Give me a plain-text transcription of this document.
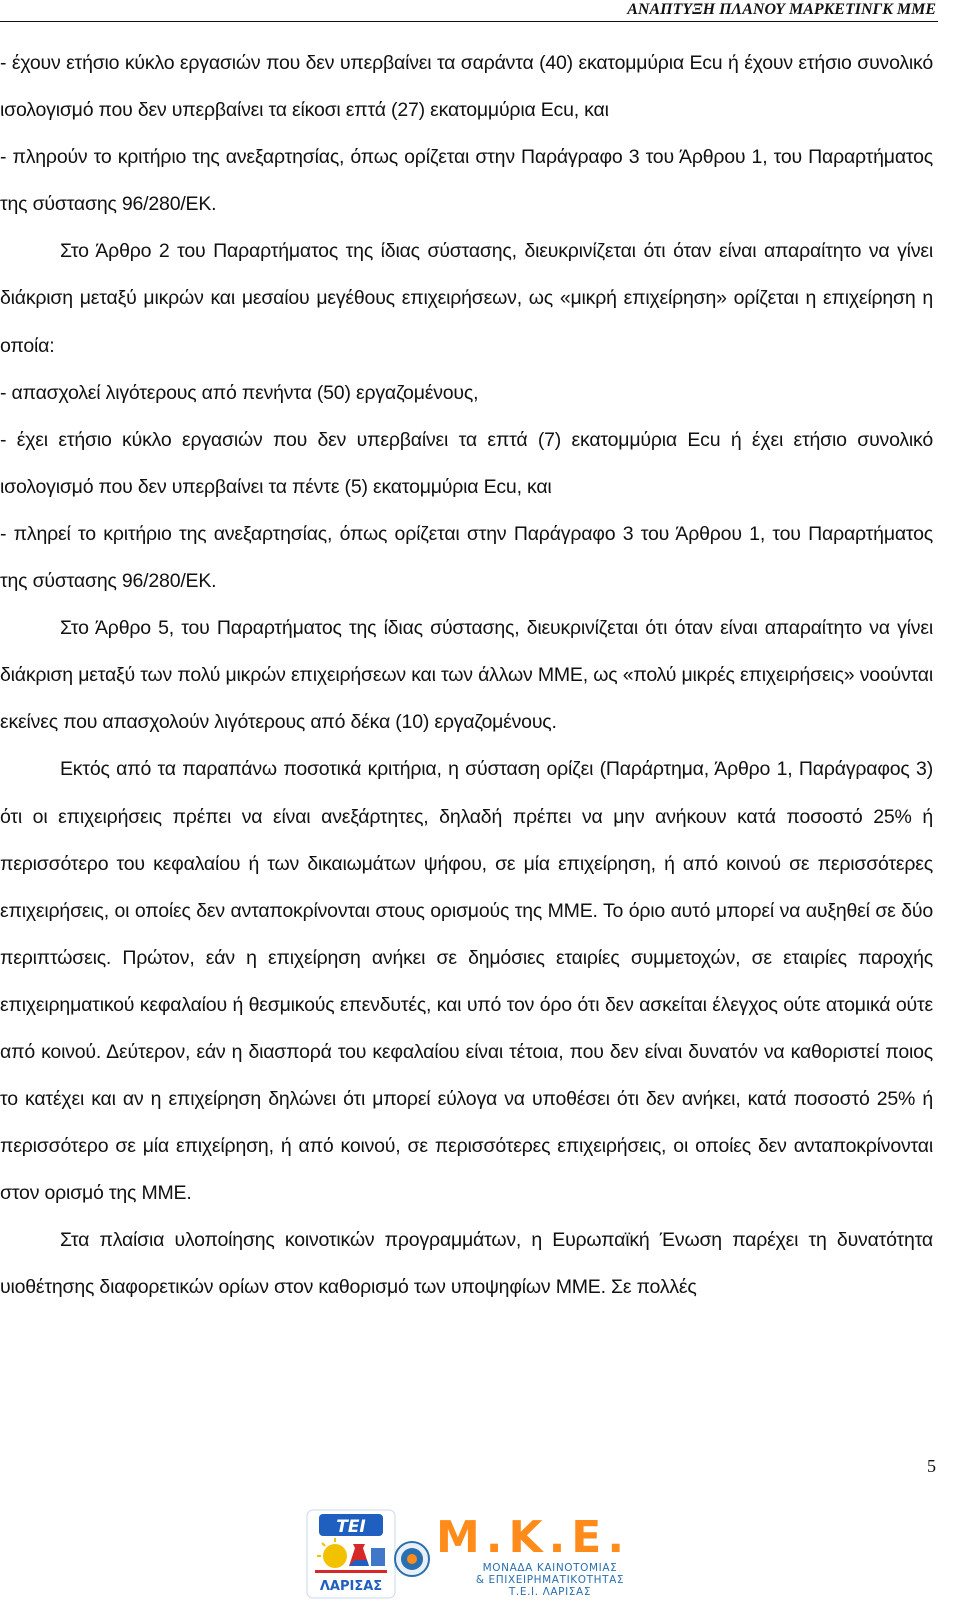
ΑΝΑΠΤΥΞΗ ΠΛΑΝΟΥ ΜΑΡΚΕΤΙΝΓΚ ΜΜΕ

- έχουν ετήσιο κύκλο εργασιών που δεν υπερβαίνει τα σαράντα (40) εκατομμύρια Ecu ή έχουν ετήσιο συνολικό ισολογισμό που δεν υπερβαίνει τα είκοσι επτά (27) εκατομμύρια Ecu, και

- πληρούν το κριτήριο της ανεξαρτησίας, όπως ορίζεται στην Παράγραφο 3 του Άρθρου 1, του Παραρτήματος της σύστασης 96/280/ΕΚ.

Στο Άρθρο 2 του Παραρτήματος της ίδιας σύστασης, διευκρινίζεται ότι όταν είναι απαραίτητο να γίνει διάκριση μεταξύ μικρών και μεσαίου μεγέθους επιχειρήσεων, ως «μικρή επιχείρηση» ορίζεται η επιχείρηση η οποία:

- απασχολεί λιγότερους από πενήντα (50) εργαζομένους,

- έχει ετήσιο κύκλο εργασιών που δεν υπερβαίνει τα επτά (7) εκατομμύρια Ecu ή έχει ετήσιο συνολικό ισολογισμό που δεν υπερβαίνει τα πέντε (5) εκατομμύρια Ecu, και

- πληρεί το κριτήριο της ανεξαρτησίας, όπως ορίζεται στην Παράγραφο 3 του Άρθρου 1, του Παραρτήματος της σύστασης 96/280/ΕΚ.

Στο Άρθρο 5, του Παραρτήματος της ίδιας σύστασης, διευκρινίζεται ότι όταν είναι απαραίτητο να γίνει διάκριση μεταξύ των πολύ μικρών επιχειρήσεων και των άλλων ΜΜΕ, ως «πολύ μικρές επιχειρήσεις» νοούνται εκείνες που απασχολούν λιγότερους από δέκα (10) εργαζομένους.

Εκτός από τα παραπάνω ποσοτικά κριτήρια, η σύσταση ορίζει (Παράρτημα, Άρθρο 1, Παράγραφος 3) ότι οι επιχειρήσεις πρέπει να είναι ανεξάρτητες, δηλαδή πρέπει να μην ανήκουν κατά ποσοστό 25% ή περισσότερο του κεφαλαίου ή των δικαιωμάτων ψήφου, σε μία επιχείρηση, ή από κοινού σε περισσότερες επιχειρήσεις, οι οποίες δεν ανταποκρίνονται στους ορισμούς της ΜΜΕ. Το όριο αυτό μπορεί να αυξηθεί σε δύο περιπτώσεις. Πρώτον, εάν η επιχείρηση ανήκει σε δημόσιες εταιρίες συμμετοχών, σε εταιρίες παροχής επιχειρηματικού κεφαλαίου ή θεσμικούς επενδυτές, και υπό τον όρο ότι δεν ασκείται έλεγχος ούτε ατομικά ούτε από κοινού. Δεύτερον, εάν η διασπορά του κεφαλαίου είναι τέτοια, που δεν είναι δυνατόν να καθοριστεί ποιος το κατέχει και αν η επιχείρηση δηλώνει ότι μπορεί εύλογα να υποθέσει ότι δεν ανήκει, κατά ποσοστό 25% ή περισσότερο σε μία επιχείρηση, ή από κοινού, σε περισσότερες επιχειρήσεις, οι οποίες δεν ανταποκρίνονται στον ορισμό της ΜΜΕ.

Στα πλαίσια υλοποίησης κοινοτικών προγραμμάτων, η Ευρωπαϊκή Ένωση παρέχει τη δυνατότητα υιοθέτησης διαφορετικών ορίων στον καθορισμό των υποψηφίων ΜΜΕ. Σε πολλές

5
ΤΕΙ
ΛΑΡΙΣΑΣ
Μ.Κ.Ε.
ΜΟΝΑΔΑ ΚΑΙΝΟΤΟΜΙΑΣ
& ΕΠΙΧΕΙΡΗΜΑΤΙΚΟΤΗΤΑΣ
Τ.Ε.Ι. ΛΑΡΙΣΑΣ
